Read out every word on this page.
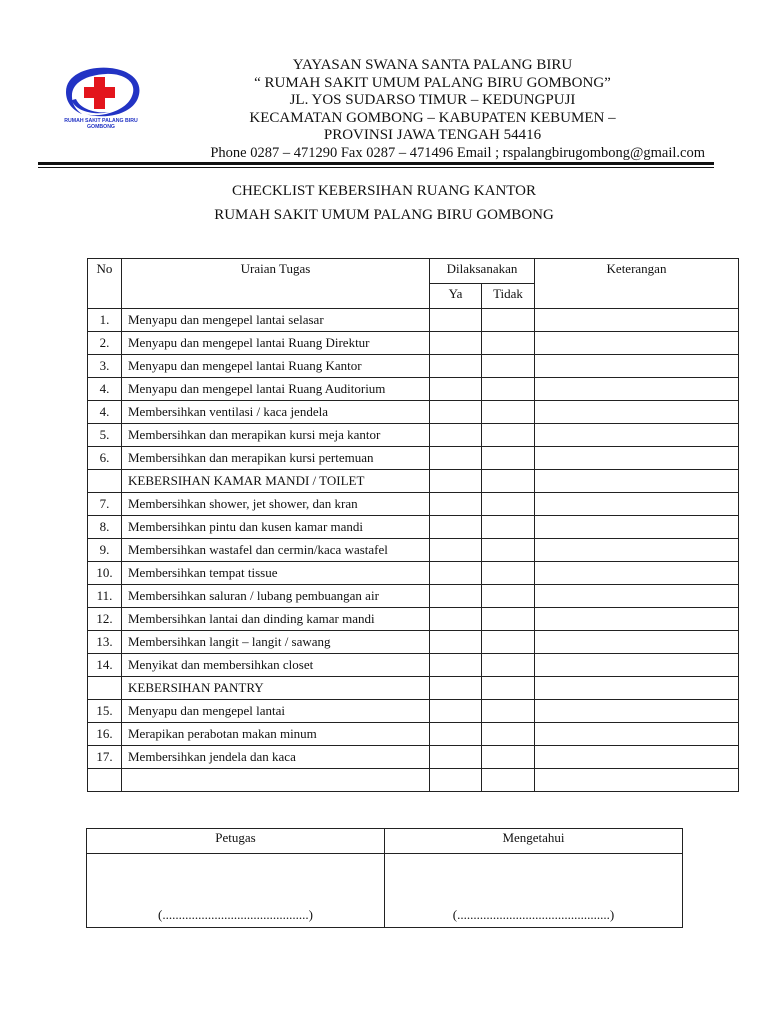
RUMAH SAKIT PALANG BIRU
GOMBONG
YAYASAN SWANA SANTA PALANG BIRU
“ RUMAH SAKIT UMUM PALANG BIRU GOMBONG”
JL. YOS SUDARSO TIMUR – KEDUNGPUJI
KECAMATAN GOMBONG – KABUPATEN KEBUMEN –
PROVINSI JAWA TENGAH 54416
Phone 0287 – 471290 Fax 0287 – 471496 Email ; rspalangbirugombong@gmail.com
CHECKLIST KEBERSIHAN RUANG KANTOR
RUMAH SAKIT UMUM PALANG BIRU GOMBONG
No	Uraian Tugas	Dilaksanakan		Keterangan
		Ya	Tidak	
1.	Menyapu dan mengepel lantai selasar			
2.	Menyapu dan mengepel lantai Ruang Direktur			
3.	Menyapu dan mengepel lantai Ruang Kantor			
4.	Menyapu dan mengepel lantai Ruang Auditorium			
4.	Membersihkan ventilasi / kaca jendela			
5.	Membersihkan dan merapikan kursi meja kantor			
6.	Membersihkan dan merapikan kursi pertemuan			
	KEBERSIHAN KAMAR MANDI / TOILET			
7.	Membersihkan shower, jet shower, dan kran			
8.	Membersihkan pintu dan kusen kamar mandi			
9.	Membersihkan wastafel dan cermin/kaca wastafel			
10.	Membersihkan tempat tissue			
11.	Membersihkan saluran / lubang pembuangan air			
12.	Membersihkan lantai dan dinding kamar mandi			
13.	Membersihkan langit – langit / sawang			
14.	Menyikat dan membersihkan closet			
	KEBERSIHAN PANTRY			
15.	Menyapu dan mengepel lantai			
16.	Merapikan perabotan makan minum			
17.	Membersihkan jendela dan kaca			

Petugas	Mengetahui
(.............................................)	(...............................................)
